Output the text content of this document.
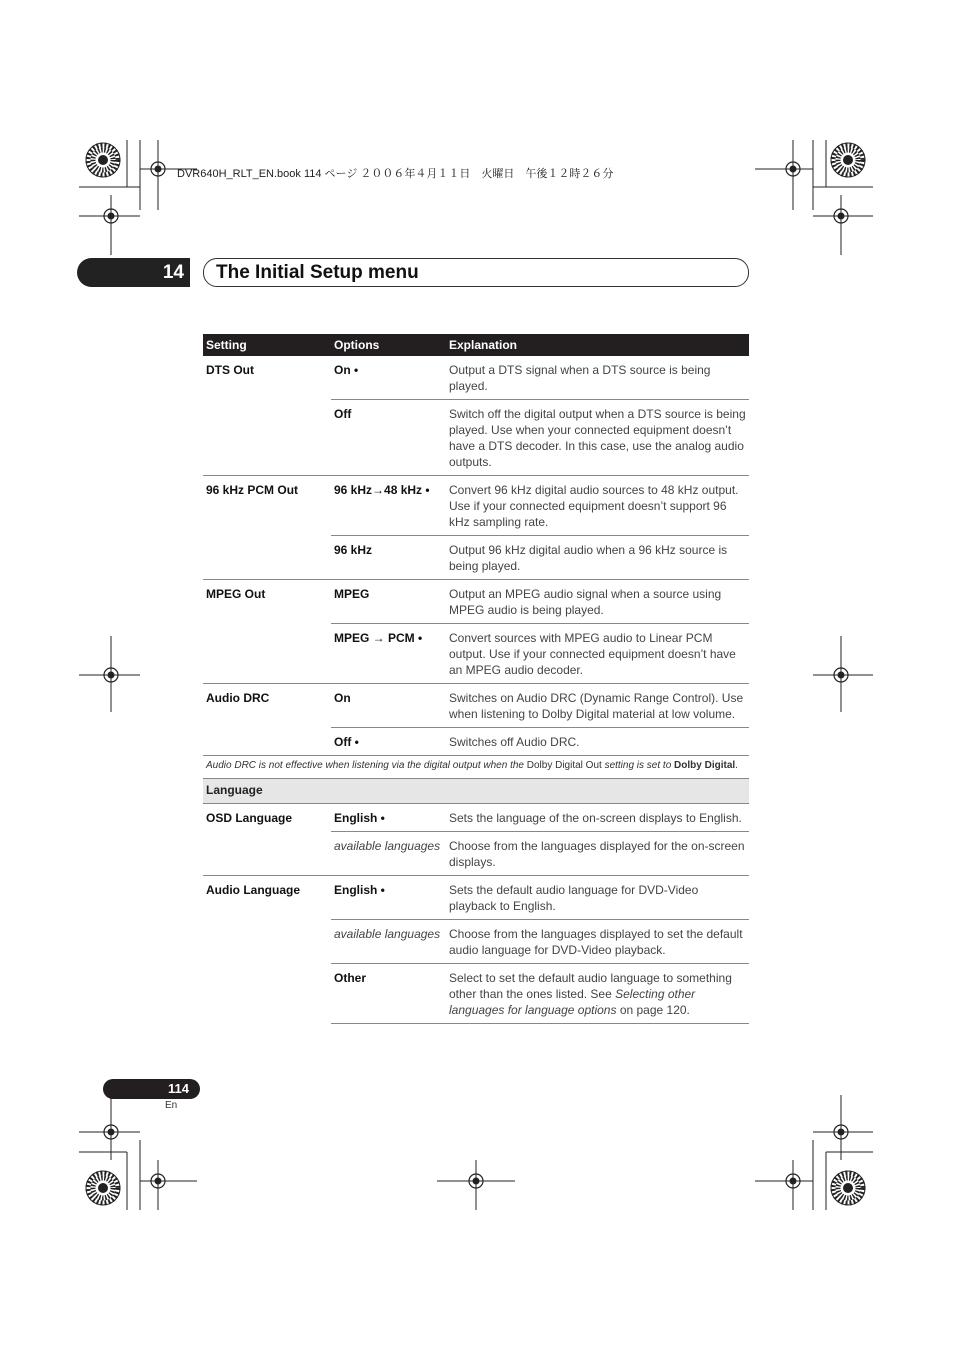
DVR640H_RLT_EN.book 114 ページ ２００６年４月１１日　火曜日　午後１２時２６分
14	The Initial Setup menu
Setting	Options	Explanation
DTS Out	On •	Output a DTS signal when a DTS source is being played.
	Off	Switch off the digital output when a DTS source is being played. Use when your connected equipment doesn’t have a DTS decoder. In this case, use the analog audio outputs.
96 kHz PCM Out	96 kHz→48 kHz •	Convert 96 kHz digital audio sources to 48 kHz output. Use if your connected equipment doesn’t support 96 kHz sampling rate.
	96 kHz	Output 96 kHz digital audio when a 96 kHz source is being played.
MPEG Out	MPEG	Output an MPEG audio signal when a source using MPEG audio is being played.
	MPEG → PCM •	Convert sources with MPEG audio to Linear PCM output. Use if your connected equipment doesn’t have an MPEG audio decoder.
Audio DRC	On	Switches on Audio DRC (Dynamic Range Control). Use when listening to Dolby Digital material at low volume.
	Off •	Switches off Audio DRC.
Audio DRC is not effective when listening via the digital output when the Dolby Digital Out setting is set to Dolby Digital.		
Language		
OSD Language	English •	Sets the language of the on-screen displays to English.
	available languages	Choose from the languages displayed for the on-screen displays.
Audio Language	English •	Sets the default audio language for DVD-Video playback to English.
	available languages	Choose from the languages displayed to set the default audio language for DVD-Video playback.
	Other	Select to set the default audio language to something other than the ones listed. See Selecting other languages for language options on page 120.
114
En
